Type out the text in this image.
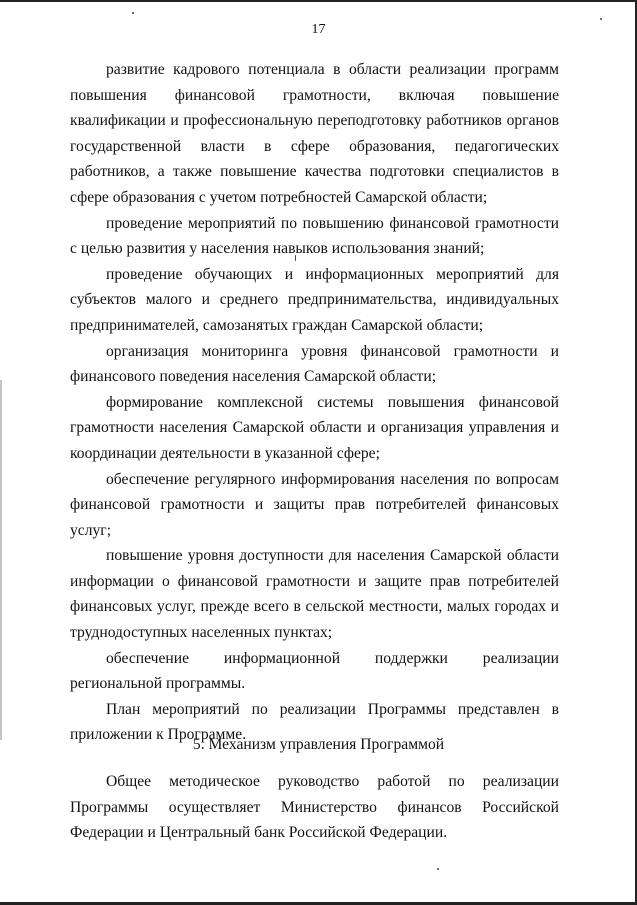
17

развитие кадрового потенциала в области реализации программ повышения финансовой грамотности, включая повышение квалификации и профессиональную переподготовку работников органов государственной власти в сфере образования, педагогических работников, а также повышение качества подготовки специалистов в сфере образования с учетом потребностей Самарской области;

проведение мероприятий по повышению финансовой грамотности с целью развития у населения навыков использования знаний;

проведение обучающих и информационных мероприятий для субъектов малого и среднего предпринимательства, индивидуальных предпринимателей, самозанятых граждан Самарской области;

организация мониторинга уровня финансовой грамотности и финансового поведения населения Самарской области;

формирование комплексной системы повышения финансовой грамотности населения Самарской области и организация управления и координации деятельности в указанной сфере;

обеспечение регулярного информирования населения по вопросам финансовой грамотности и защиты прав потребителей финансовых услуг;

повышение уровня доступности для населения Самарской области информации о финансовой грамотности и защите прав потребителей финансовых услуг, прежде всего в сельской местности, малых городах и труднодоступных населенных пунктах;

обеспечение информационной поддержки реализации региональной программы.

План мероприятий по реализации Программы представлен в приложении к Программе.

5. Механизм управления Программой

Общее методическое руководство работой по реализации Программы осуществляет Министерство финансов Российской Федерации и Центральный банк Российской Федерации.
